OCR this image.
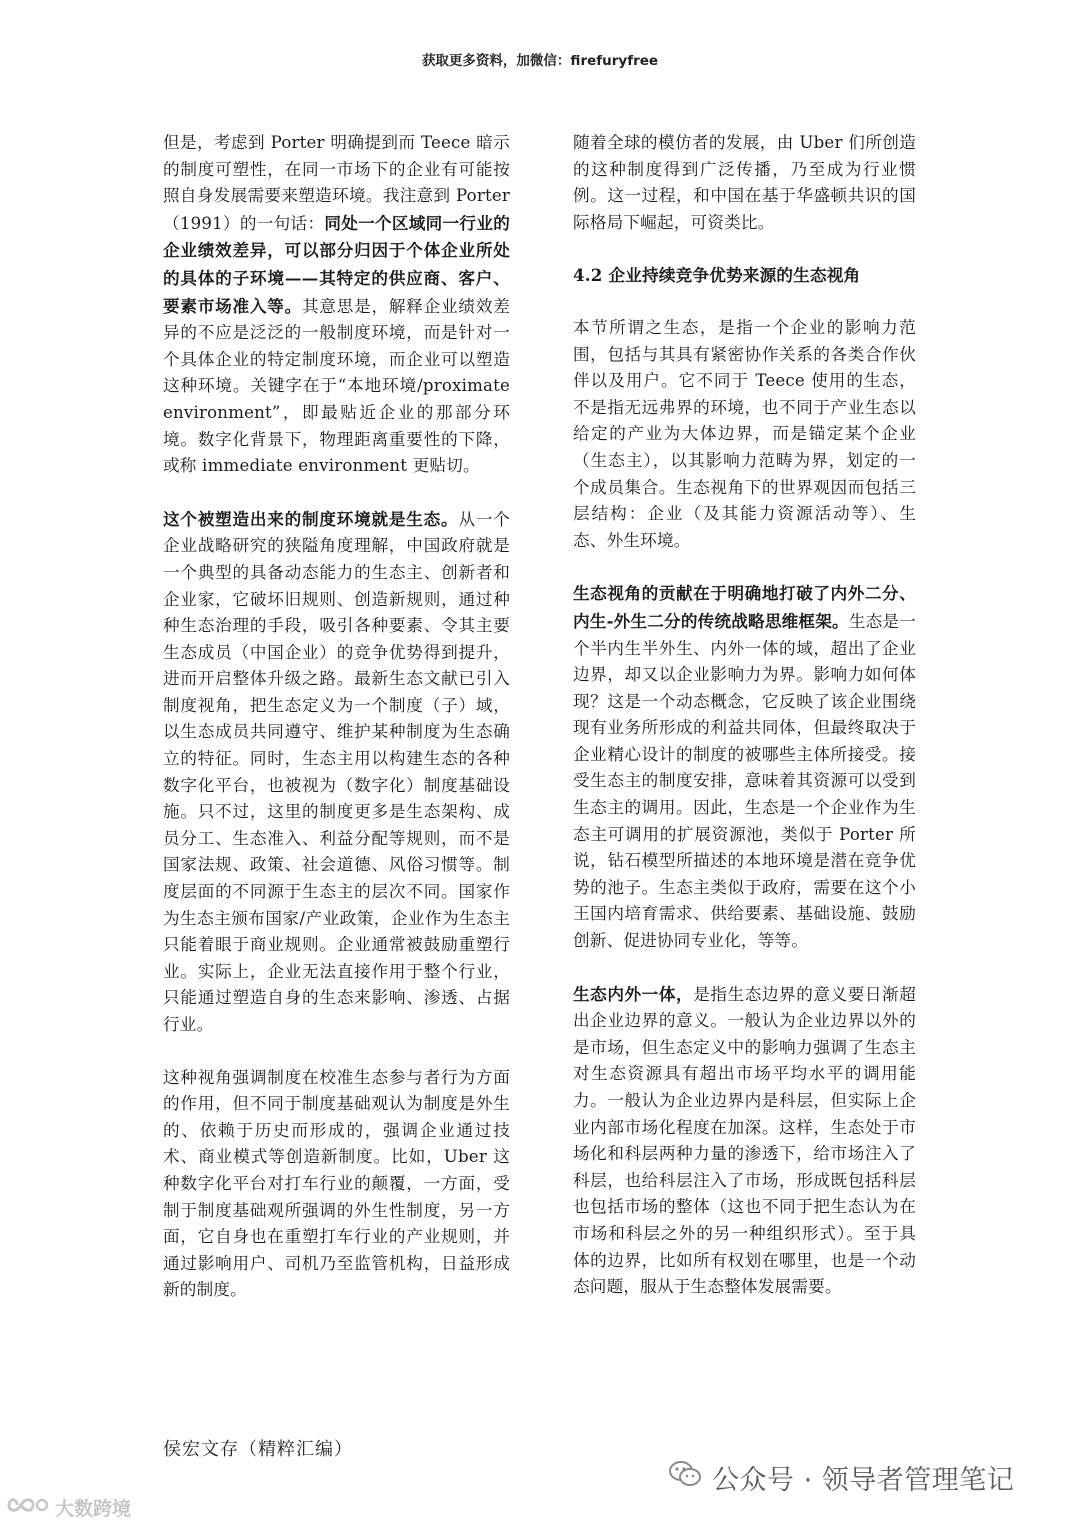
获取更多资料，加微信：firefuryfree

但是，考虑到 Porter 明确提到而 Teece 暗示的制度可塑性，在同一市场下的企业有可能按照自身发展需要来塑造环境。我注意到 Porter（1991）的一句话：同处一个区域同一行业的企业绩效差异，可以部分归因于个体企业所处的具体的子环境——其特定的供应商、客户、要素市场准入等。其意思是，解释企业绩效差异的不应是泛泛的一般制度环境，而是针对一个具体企业的特定制度环境，而企业可以塑造这种环境。关键字在于“本地环境/proximate environment”，即最贴近企业的那部分环境。数字化背景下，物理距离重要性的下降，或称 immediate environment 更贴切。

这个被塑造出来的制度环境就是生态。从一个企业战略研究的狭隘角度理解，中国政府就是一个典型的具备动态能力的生态主、创新者和企业家，它破坏旧规则、创造新规则，通过种种生态治理的手段，吸引各种要素、令其主要生态成员（中国企业）的竞争优势得到提升，进而开启整体升级之路。最新生态文献已引入制度视角，把生态定义为一个制度（子）域，以生态成员共同遵守、维护某种制度为生态确立的特征。同时，生态主用以构建生态的各种数字化平台，也被视为（数字化）制度基础设施。只不过，这里的制度更多是生态架构、成员分工、生态准入、利益分配等规则，而不是国家法规、政策、社会道德、风俗习惯等。制度层面的不同源于生态主的层次不同。国家作为生态主颁布国家/产业政策，企业作为生态主只能着眼于商业规则。企业通常被鼓励重塑行业。实际上，企业无法直接作用于整个行业，只能通过塑造自身的生态来影响、渗透、占据行业。

这种视角强调制度在校准生态参与者行为方面的作用，但不同于制度基础观认为制度是外生的、依赖于历史而形成的，强调企业通过技术、商业模式等创造新制度。比如，Uber 这种数字化平台对打车行业的颠覆，一方面，受制于制度基础观所强调的外生性制度，另一方面，它自身也在重塑打车行业的产业规则，并通过影响用户、司机乃至监管机构，日益形成新的制度。

随着全球的模仿者的发展，由 Uber 们所创造的这种制度得到广泛传播，乃至成为行业惯例。这一过程，和中国在基于华盛顿共识的国际格局下崛起，可资类比。

4.2 企业持续竞争优势来源的生态视角

本节所谓之生态，是指一个企业的影响力范围，包括与其具有紧密协作关系的各类合作伙伴以及用户。它不同于 Teece 使用的生态，不是指无远弗界的环境，也不同于产业生态以给定的产业为大体边界，而是锚定某个企业（生态主），以其影响力范畴为界，划定的一个成员集合。生态视角下的世界观因而包括三层结构：企业（及其能力资源活动等）、生态、外生环境。

生态视角的贡献在于明确地打破了内外二分、内生-外生二分的传统战略思维框架。生态是一个半内生半外生、内外一体的域，超出了企业边界，却又以企业影响力为界。影响力如何体现？这是一个动态概念，它反映了该企业围绕现有业务所形成的利益共同体，但最终取决于企业精心设计的制度的被哪些主体所接受。接受生态主的制度安排，意味着其资源可以受到生态主的调用。因此，生态是一个企业作为生态主可调用的扩展资源池，类似于 Porter 所说，钻石模型所描述的本地环境是潜在竞争优势的池子。生态主类似于政府，需要在这个小王国内培育需求、供给要素、基础设施、鼓励创新、促进协同专业化，等等。

生态内外一体，是指生态边界的意义要日渐超出企业边界的意义。一般认为企业边界以外的是市场，但生态定义中的影响力强调了生态主对生态资源具有超出市场平均水平的调用能力。一般认为企业边界内是科层，但实际上企业内部市场化程度在加深。这样，生态处于市场化和科层两种力量的渗透下，给市场注入了科层，也给科层注入了市场，形成既包括科层也包括市场的整体（这也不同于把生态认为在市场和科层之外的另一种组织形式）。至于具体的边界，比如所有权划在哪里，也是一个动态问题，服从于生态整体发展需要。

侯宏文存（精粹汇编）
公众号 · 领导者管理笔记
大数跨境
